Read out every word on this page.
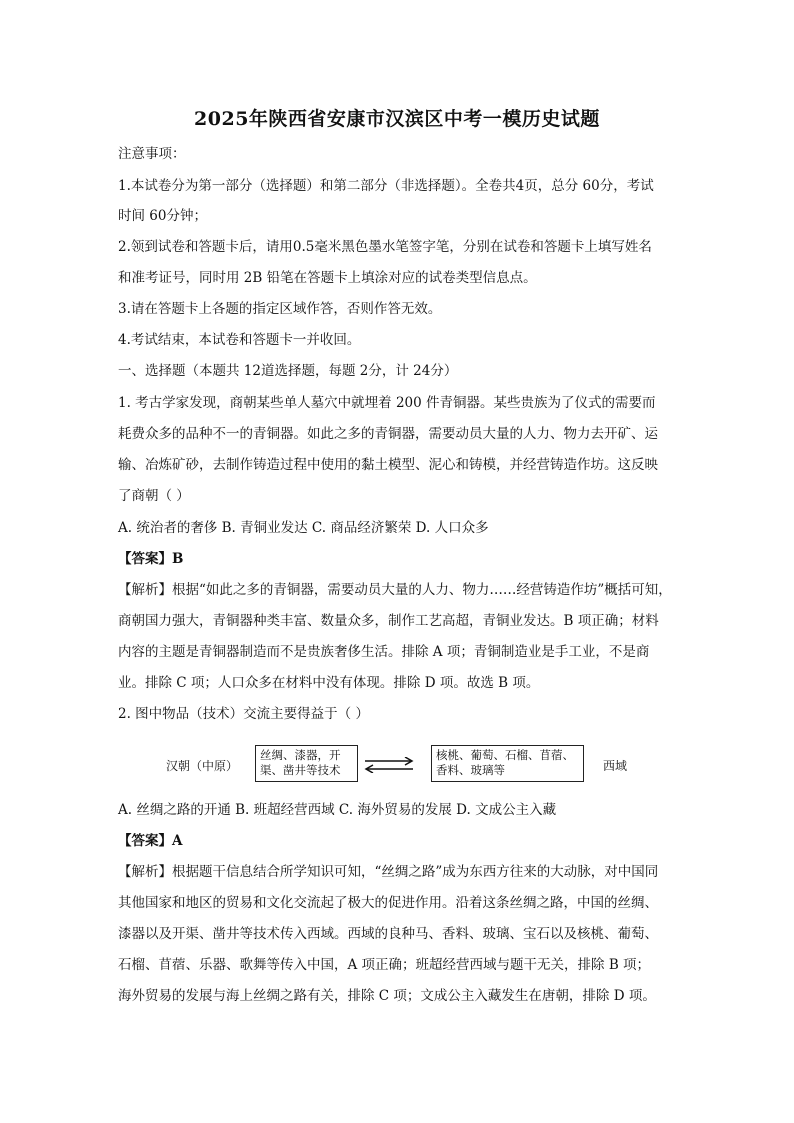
2025年陕西省安康市汉滨区中考一模历史试题
注意事项：
1.本试卷分为第一部分（选择题）和第二部分（非选择题）。全卷共4页，总分 60分，考试
时间 60分钟；
2.领到试卷和答题卡后，请用0.5毫米黑色墨水笔签字笔，分别在试卷和答题卡上填写姓名
和准考证号，同时用 2B 铅笔在答题卡上填涂对应的试卷类型信息点。
3.请在答题卡上各题的指定区域作答，否则作答无效。
4.考试结束，本试卷和答题卡一并收回。
一、选择题（本题共 12道选择题，每题 2分，计 24分）
1. 考古学家发现，商朝某些单人墓穴中就埋着 200 件青铜器。某些贵族为了仪式的需要而
耗费众多的品种不一的青铜器。如此之多的青铜器，需要动员大量的人力、物力去开矿、运
输、冶炼矿砂，去制作铸造过程中使用的黏土模型、泥心和铸模，并经营铸造作坊。这反映
了商朝（ ）
A. 统治者的奢侈 B. 青铜业发达 C. 商品经济繁荣 D. 人口众多
【答案】B
【解析】根据“如此之多的青铜器，需要动员大量的人力、物力……经营铸造作坊”概括可知，
商朝国力强大，青铜器种类丰富、数量众多，制作工艺高超，青铜业发达。B 项正确；材料
内容的主题是青铜器制造而不是贵族奢侈生活。排除 A 项；青铜制造业是手工业，不是商
业。排除 C 项；人口众多在材料中没有体现。排除 D 项。故选 B 项。
2. 图中物品（技术）交流主要得益于（ ）
汉朝（中原）
丝绸、漆器，开
渠、凿井等技术
核桃、葡萄、石榴、苜蓿、
香料、玻璃等	西域
A. 丝绸之路的开通 B. 班超经营西域 C. 海外贸易的发展 D. 文成公主入藏
【答案】A
【解析】根据题干信息结合所学知识可知，“丝绸之路”成为东西方往来的大动脉，对中国同
其他国家和地区的贸易和文化交流起了极大的促进作用。沿着这条丝绸之路，中国的丝绸、
漆器以及开渠、凿井等技术传入西域。西域的良种马、香料、玻璃、宝石以及核桃、葡萄、
石榴、苜蓿、乐器、歌舞等传入中国，A 项正确；班超经营西域与题干无关，排除 B 项；
海外贸易的发展与海上丝绸之路有关，排除 C 项；文成公主入藏发生在唐朝，排除 D 项。
